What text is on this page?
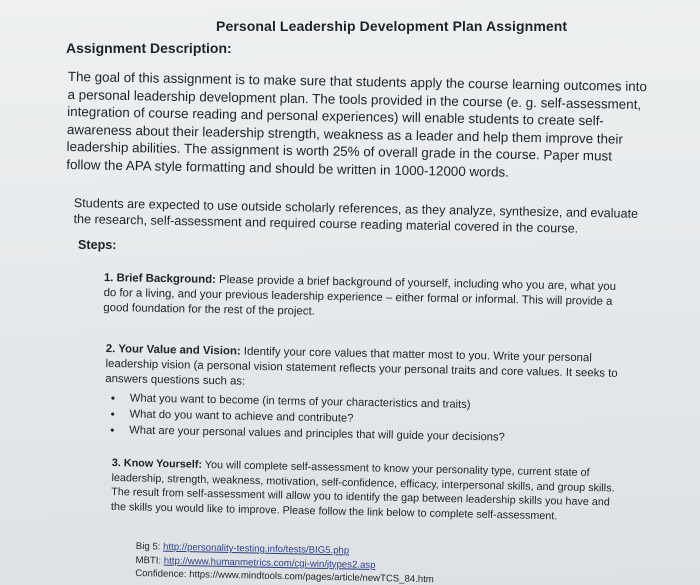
Personal Leadership Development Plan Assignment
Assignment Description:
The goal of this assignment is to make sure that students apply the course learning outcomes into a personal leadership development plan. The tools provided in the course (e. g. self-assessment, integration of course reading and personal experiences) will enable students to create self-awareness about their leadership strength, weakness as a leader and help them improve their leadership abilities. The assignment is worth 25% of overall grade in the course. Paper must follow the APA style formatting and should be written in 1000-12000 words.
Students are expected to use outside scholarly references, as they analyze, synthesize, and evaluate the research, self-assessment and required course reading material covered in the course.
Steps:
1. Brief Background: Please provide a brief background of yourself, including who you are, what you do for a living, and your previous leadership experience – either formal or informal. This will provide a good foundation for the rest of the project.
2. Your Value and Vision: Identify your core values that matter most to you. Write your personal leadership vision (a personal vision statement reflects your personal traits and core values. It seeks to answers questions such as:
• What you want to become (in terms of your characteristics and traits)
• What do you want to achieve and contribute?
• What are your personal values and principles that will guide your decisions?
3. Know Yourself: You will complete self-assessment to know your personality type, current state of leadership, strength, weakness, motivation, self-confidence, efficacy, interpersonal skills, and group skills. The result from self-assessment will allow you to identify the gap between leadership skills you have and the skills you would like to improve. Please follow the link below to complete self-assessment.
Big 5: http://personality-testing.info/tests/BIG5.php
MBTI: http://www.humanmetrics.com/cgi-win/jtypes2.asp
Confidence: https://www.mindtools.com/pages/article/newTCS_84.htm
